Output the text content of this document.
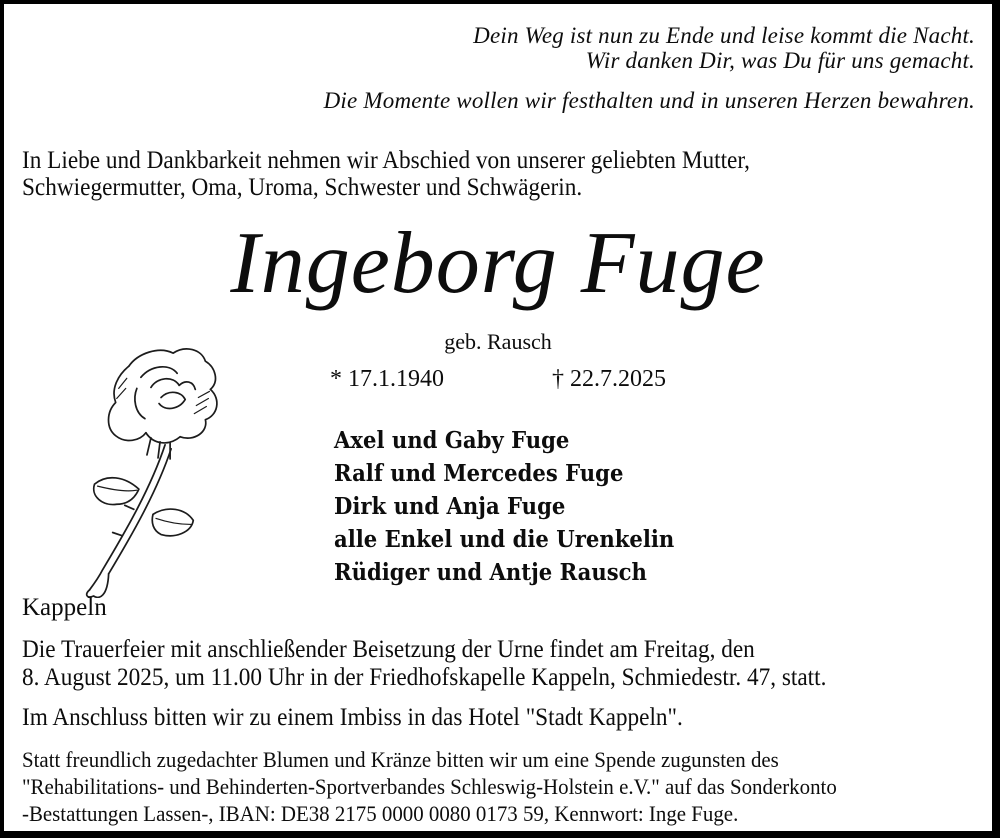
Dein Weg ist nun zu Ende und leise kommt die Nacht.
Wir danken Dir, was Du für uns gemacht.
Die Momente wollen wir festhalten und in unseren Herzen bewahren.
In Liebe und Dankbarkeit nehmen wir Abschied von unserer geliebten Mutter,
Schwiegermutter, Oma, Uroma, Schwester und Schwägerin.
Ingeborg Fuge
geb. Rausch
* 17.1.1940	† 22.7.2025
Axel und Gaby Fuge
Ralf und Mercedes Fuge
Dirk und Anja Fuge
alle Enkel und die Urenkelin
Rüdiger und Antje Rausch
Kappeln
Die Trauerfeier mit anschließender Beisetzung der Urne findet am Freitag, den
8. August 2025, um 11.00 Uhr in der Friedhofskapelle Kappeln, Schmiedestr. 47, statt.
Im Anschluss bitten wir zu einem Imbiss in das Hotel "Stadt Kappeln".
Statt freundlich zugedachter Blumen und Kränze bitten wir um eine Spende zugunsten des
"Rehabilitations- und Behinderten-Sportverbandes Schleswig-Holstein e.V." auf das Sonderkonto
-Bestattungen Lassen-, IBAN: DE38 2175 0000 0080 0173 59, Kennwort: Inge Fuge.
